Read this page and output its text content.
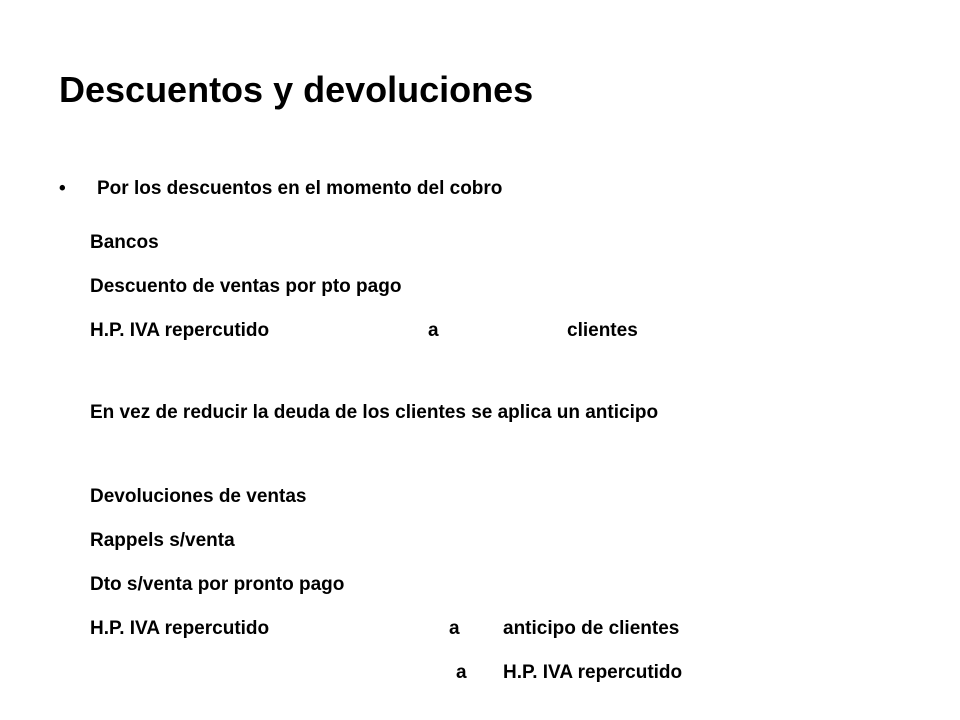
Descuentos y devoluciones
• Por los descuentos en el momento del cobro
Bancos
Descuento de ventas por pto pago
H.P. IVA repercutido	a	clientes
En vez de reducir la deuda de los clientes se aplica un anticipo
Devoluciones de ventas
Rappels s/venta
Dto s/venta por pronto pago
H.P. IVA repercutido	a anticipo de clientes
a H.P. IVA repercutido
